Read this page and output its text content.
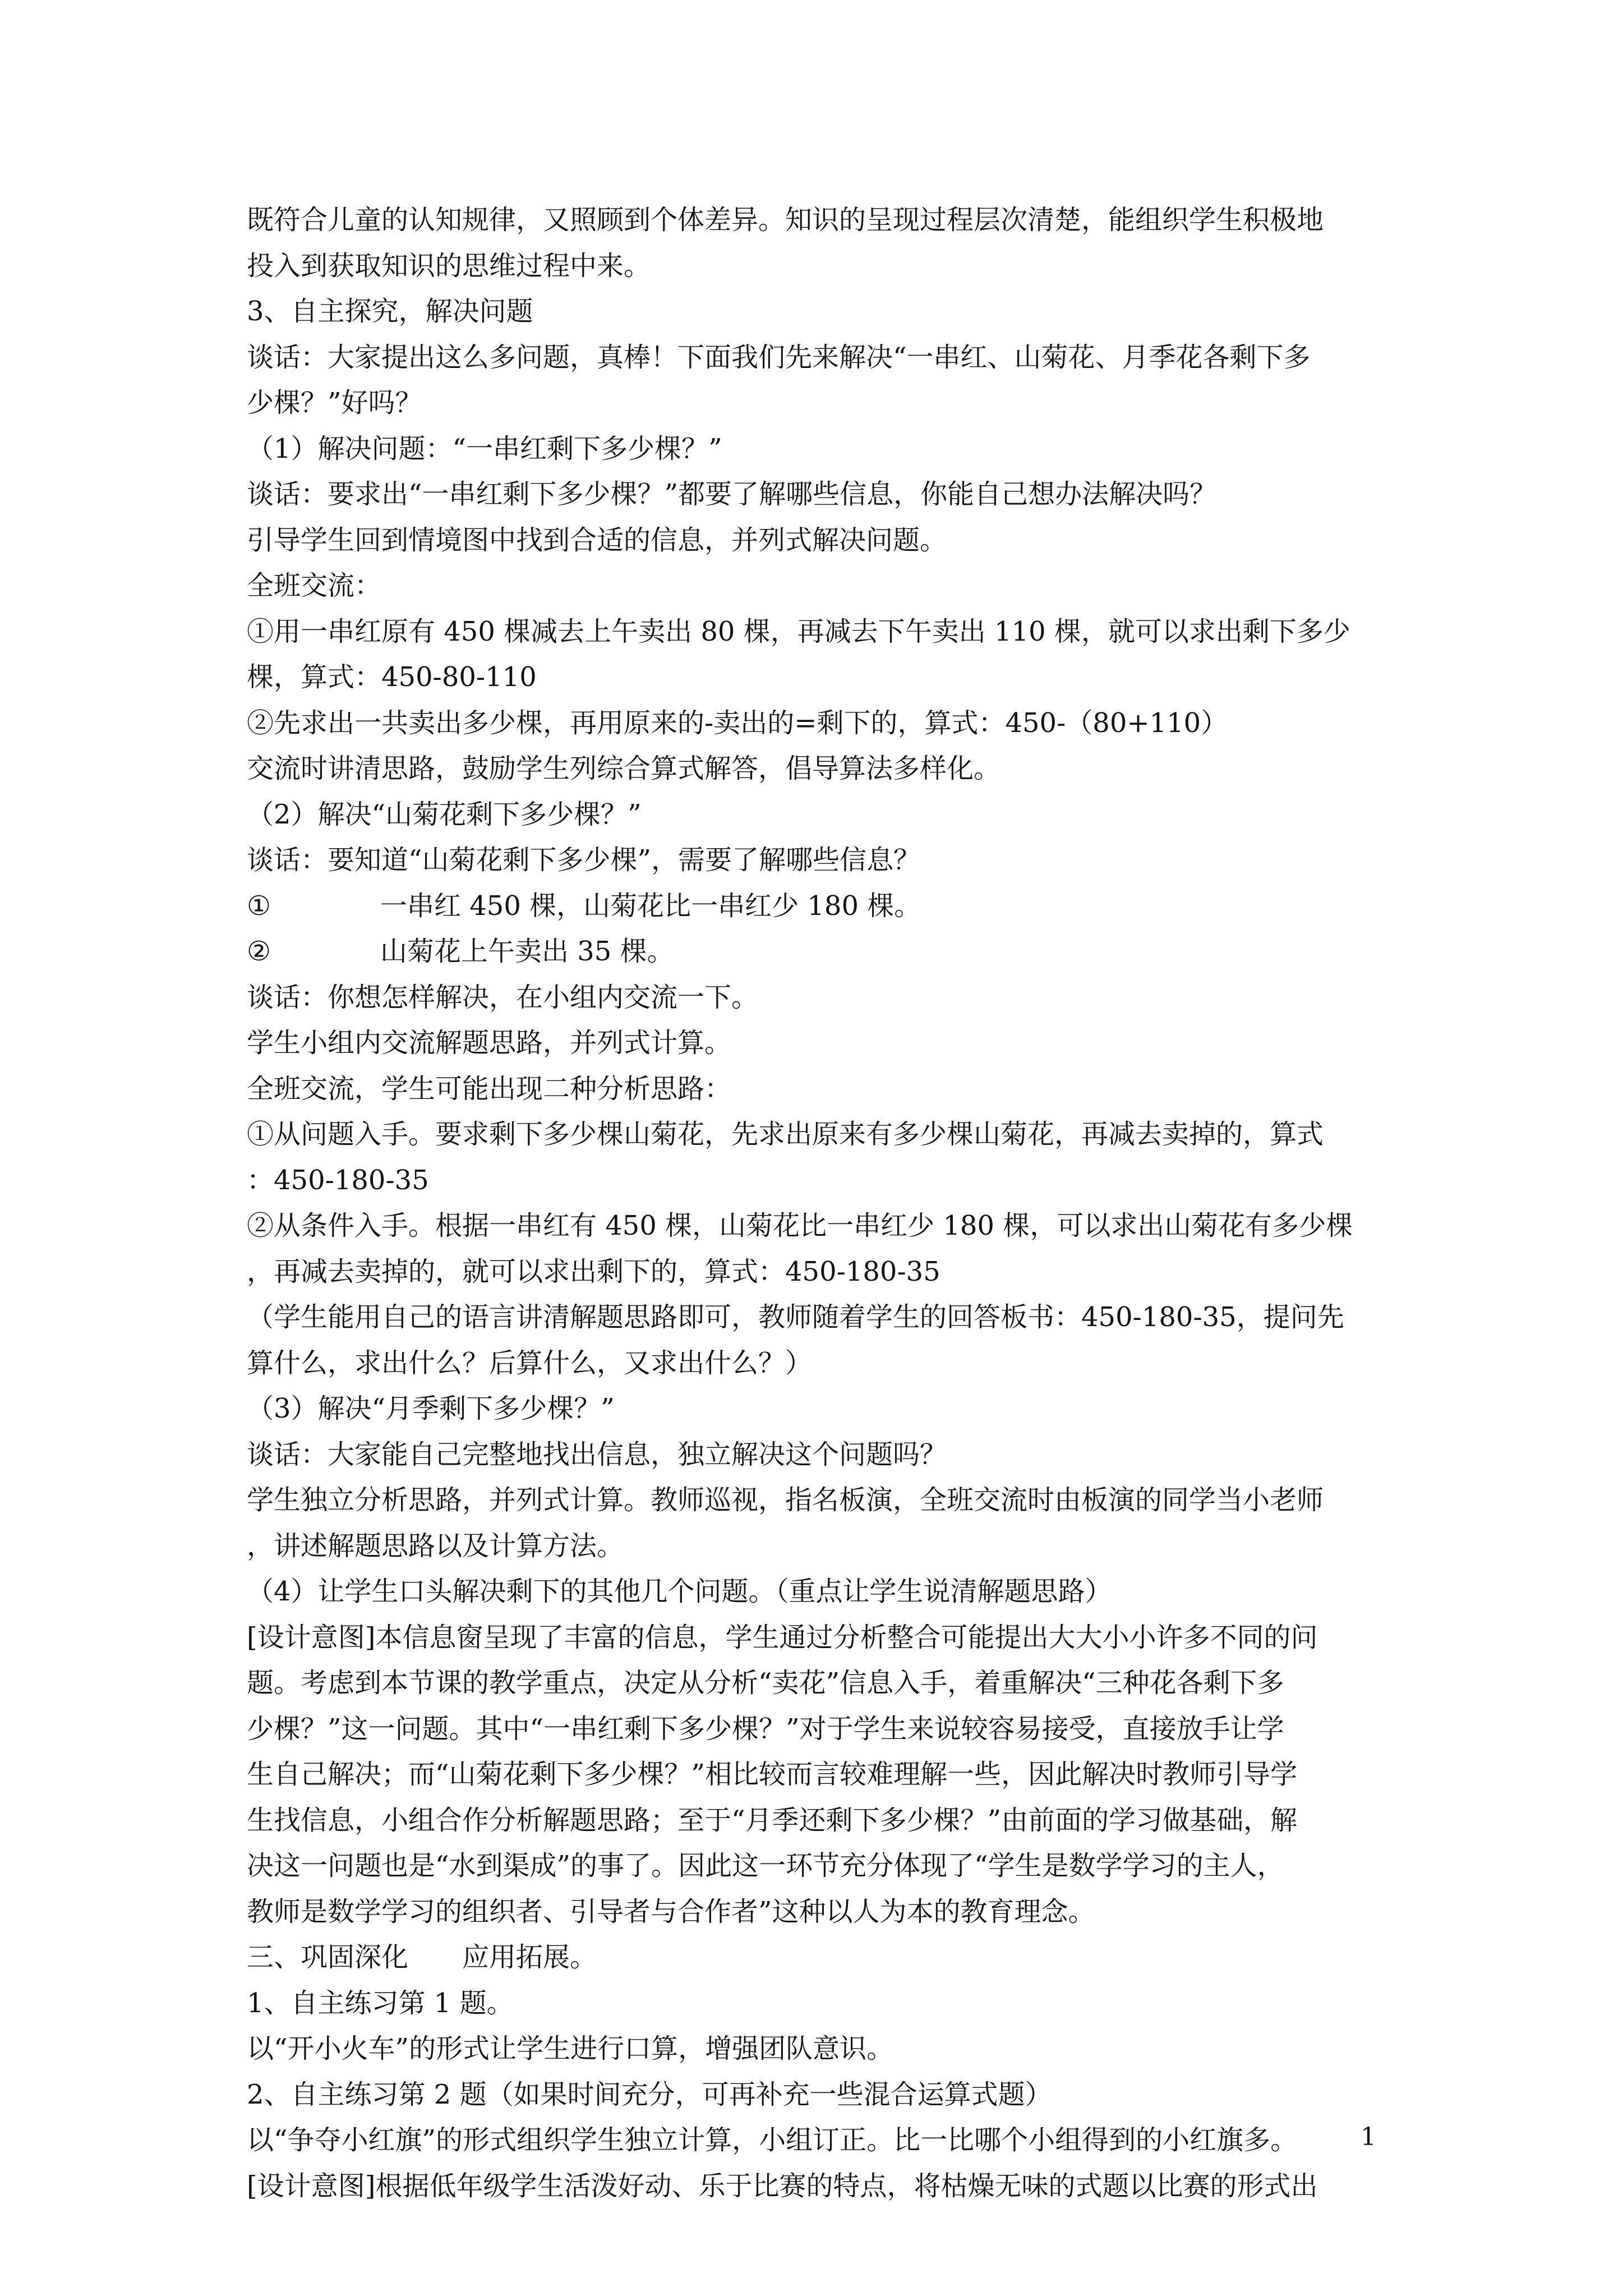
既符合儿童的认知规律，又照顾到个体差异。知识的呈现过程层次清楚，能组织学生积极地
投入到获取知识的思维过程中来。
3、自主探究，解决问题
谈话：大家提出这么多问题，真棒！下面我们先来解决“一串红、山菊花、月季花各剩下多
少棵？”好吗？
（1）解决问题：“一串红剩下多少棵？”
谈话：要求出“一串红剩下多少棵？”都要了解哪些信息，你能自己想办法解决吗？
引导学生回到情境图中找到合适的信息，并列式解决问题。
全班交流：
①用一串红原有 450 棵减去上午卖出 80 棵，再减去下午卖出 110 棵，就可以求出剩下多少
棵，算式：450-80-110
②先求出一共卖出多少棵，再用原来的-卖出的=剩下的，算式：450-（80+110）
交流时讲清思路，鼓励学生列综合算式解答，倡导算法多样化。
（2）解决“山菊花剩下多少棵？”
谈话：要知道“山菊花剩下多少棵”，需要了解哪些信息？
①	一串红 450 棵，山菊花比一串红少 180 棵。
②	山菊花上午卖出 35 棵。
谈话：你想怎样解决，在小组内交流一下。
学生小组内交流解题思路，并列式计算。
全班交流，学生可能出现二种分析思路：
①从问题入手。要求剩下多少棵山菊花，先求出原来有多少棵山菊花，再减去卖掉的，算式
：450-180-35
②从条件入手。根据一串红有 450 棵，山菊花比一串红少 180 棵，可以求出山菊花有多少棵
，再减去卖掉的，就可以求出剩下的，算式：450-180-35
（学生能用自己的语言讲清解题思路即可，教师随着学生的回答板书：450-180-35，提问先
算什么，求出什么？后算什么，又求出什么？）
（3）解决“月季剩下多少棵？”
谈话：大家能自己完整地找出信息，独立解决这个问题吗？
学生独立分析思路，并列式计算。教师巡视，指名板演，全班交流时由板演的同学当小老师
，讲述解题思路以及计算方法。
（4）让学生口头解决剩下的其他几个问题。（重点让学生说清解题思路）
[设计意图]本信息窗呈现了丰富的信息，学生通过分析整合可能提出大大小小许多不同的问
题。考虑到本节课的教学重点，决定从分析“卖花”信息入手，着重解决“三种花各剩下多
少棵？”这一问题。其中“一串红剩下多少棵？”对于学生来说较容易接受，直接放手让学
生自己解决；而“山菊花剩下多少棵？”相比较而言较难理解一些，因此解决时教师引导学
生找信息，小组合作分析解题思路；至于“月季还剩下多少棵？”由前面的学习做基础，解
决这一问题也是“水到渠成”的事了。因此这一环节充分体现了“学生是数学学习的主人，
教师是数学学习的组织者、引导者与合作者”这种以人为本的教育理念。
三、巩固深化　　应用拓展。
1、自主练习第 1 题。
以“开小火车”的形式让学生进行口算，增强团队意识。
2、自主练习第 2 题（如果时间充分，可再补充一些混合运算式题）
以“争夺小红旗”的形式组织学生独立计算，小组订正。比一比哪个小组得到的小红旗多。
[设计意图]根据低年级学生活泼好动、乐于比赛的特点，将枯燥无味的式题以比赛的形式出
1
